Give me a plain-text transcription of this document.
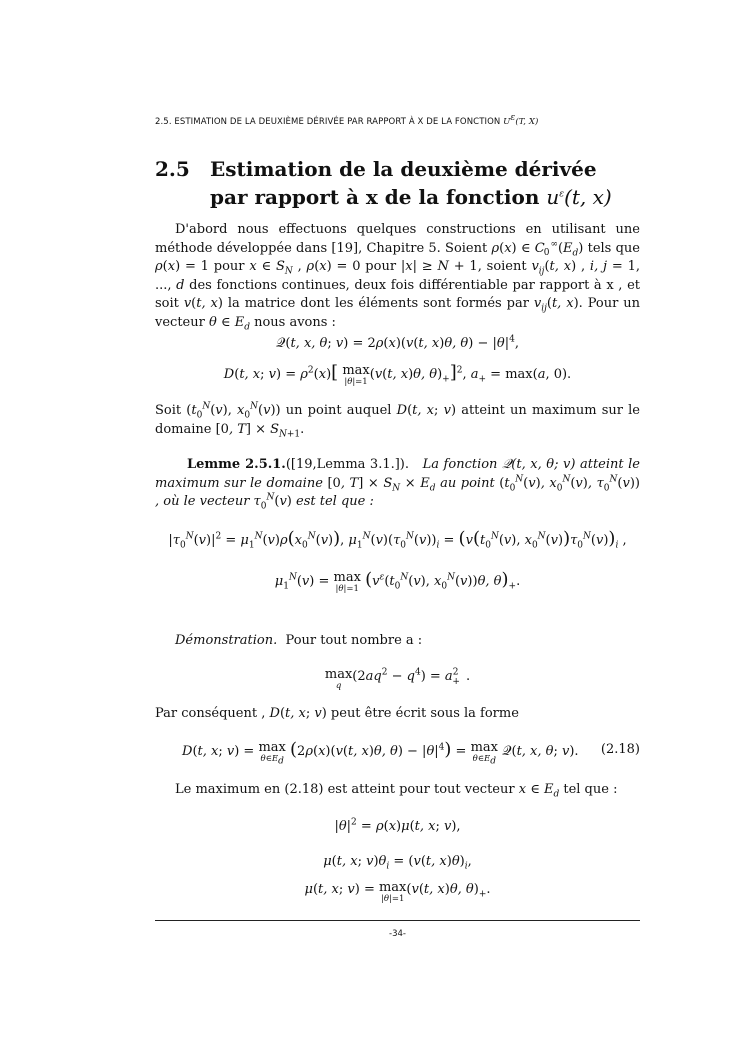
2.5. ESTIMATION DE LA DEUXIÈME DÉRIVÉE PAR RAPPORT À X DE LA FONCTION $U^\varepsilon(T$, X)
2.5 Estimation de la deuxième dérivée par rapport à x de la fonction $u^\varepsilon(t$, x)
D'abord nous effectuons quelques constructions en utilisant une méthode développée dans [19], Chapitre 5. Soient ρ(x) ∈ $C_0^\infty(E_d)$ tels que ρ(x) = 1 pour x ∈ $S_N$ , ρ(x) = 0 pour |x| ≥ N + 1, soient $v_{ij}(t$, x) , i, j = 1, ..., d des fonctions continues, deux fois différentiable par rapport à x , et soit v(t, x) la matrice dont les éléments sont formés par $v_{ij}(t$, x). Pour un vecteur θ ∈ $E_d$ nous avons :
𝒬(t, x, θ; v) = 2ρ(x)(v(t, x)θ, $\theta) - |\theta|^4$,
D(t, x; $v) = \rho^2(x)$[ max
|θ|=1 (v(t, x)θ, $\theta)_+]^2$, $a_+ = \max(a$, 0).
Soit ($t_0^N(v)$, $x_0^N(v)$) un point auquel D(t, x; v) atteint un maximum sur le domaine [0, $T] \times S_{N+1}$.
Lemme 2.5.1.([19,Lemma 3.1.]). La fonction 𝒬(t, x, θ; v) atteint le maximum sur le domaine [0, $T] \times S_N \times E_d$ au point ($t_0^N(v)$, $x_0^N(v)$, $\tau_0^N(v)$) , où le vecteur $\tau_0^N(v)$ est tel que :
$|\tau_0^N(v)|^2 = \mu_1^N(v)\rho(x_0^N(v))$, $\mu_1^N(v)(\tau_0^N(v))_i = (v(t_0^N(v)$, $x_0^N(v))\tau_0^N(v))_i$ ,
$\mu_1^N(v) = \max$
|θ|=1 ($v^\varepsilon(t_0^N(v)$, $x_0^N(v))\theta$, $\theta)_+$.
Démonstration. Pour tout nombre a :
max
q
$(2aq^2 - q^4) = a^2_+$ .
Par conséquent , D(t, x; v) peut être écrit sous la forme
D(t, x; v) = max
$\theta\in E_d$
(2ρ(x)(v(t, x)θ, $\theta) - |\theta|^4) = \max$
$\theta\in E_d$
𝒬(t, x, θ; v). (2.18)
Le maximum en (2.18) est atteint pour tout vecteur x ∈ $E_d$ tel que :
$|\theta|^2 = \rho(x)\mu(t$, x; v),
μ(t, x; $v)\theta_i = (v(t$, $x)\theta)_i$,
μ(t, x; v) = max
|θ|=1
(v(t, x)θ, $\theta)_+$.
-34-
